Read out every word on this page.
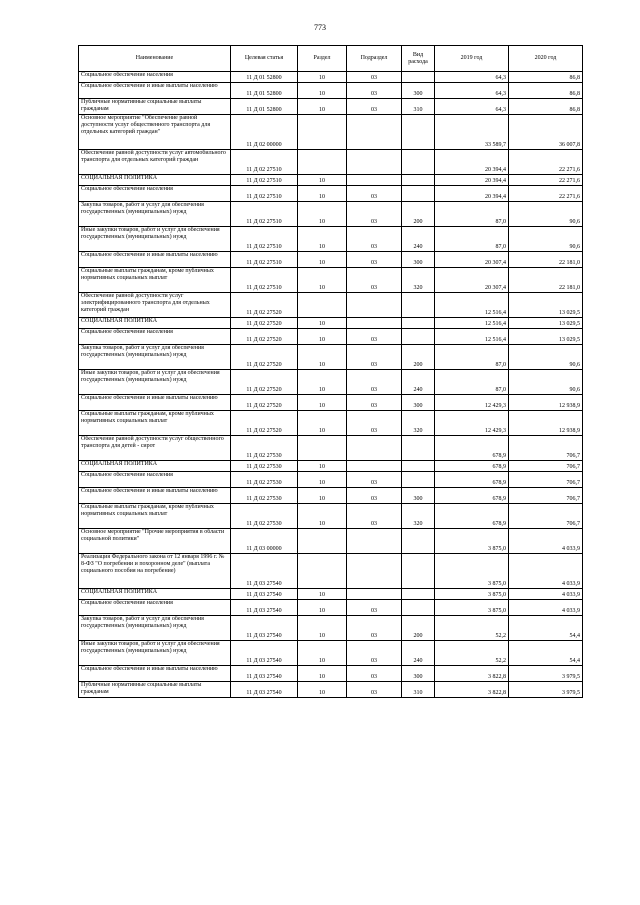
773
Наименование	Целевая статья	Раздел	Подраздел	Вид расхода	2019 год	2020 год
Социальное обеспечение населения	11 Д 01 52800	10	03		64,3	86,8
Социальное обеспечение и иные выплаты населению	11 Д 01 52800	10	03	300	64,3	86,8
Публичные нормативные социальные выплаты гражданам	11 Д 01 52800	10	03	310	64,3	86,8
Основное мероприятие "Обеспечение равной доступности услуг общественного транспорта для отдельных категорий граждан"	11 Д 02 00000				33 589,7	36 007,8
Обеспечение равной доступности услуг автомобильного транспорта для отдельных категорий граждан	11 Д 02 27510				20 394,4	22 271,6
СОЦИАЛЬНАЯ ПОЛИТИКА	11 Д 02 27510	10			20 394,4	22 271,6
Социальное обеспечение населения	11 Д 02 27510	10	03		20 394,4	22 271,6
Закупка товаров, работ и услуг для обеспечения государственных (муниципальных) нужд	11 Д 02 27510	10	03	200	87,0	90,6
Иные закупки товаров, работ и услуг для обеспечения государственных (муниципальных) нужд	11 Д 02 27510	10	03	240	87,0	90,6
Социальное обеспечение и иные выплаты населению	11 Д 02 27510	10	03	300	20 307,4	22 181,0
Социальные выплаты гражданам, кроме публичных нормативных социальных выплат	11 Д 02 27510	10	03	320	20 307,4	22 181,0
Обеспечение равной доступности услуг электрифицированного транспорта для отдельных категорий граждан	11 Д 02 27520				12 516,4	13 029,5
СОЦИАЛЬНАЯ ПОЛИТИКА	11 Д 02 27520	10			12 516,4	13 029,5
Социальное обеспечение населения	11 Д 02 27520	10	03		12 516,4	13 029,5
Закупка товаров, работ и услуг для обеспечения государственных (муниципальных) нужд	11 Д 02 27520	10	03	200	87,0	90,6
Иные закупки товаров, работ и услуг для обеспечения государственных (муниципальных) нужд	11 Д 02 27520	10	03	240	87,0	90,6
Социальное обеспечение и иные выплаты населению	11 Д 02 27520	10	03	300	12 429,3	12 938,9
Социальные выплаты гражданам, кроме публичных нормативных социальных выплат	11 Д 02 27520	10	03	320	12 429,3	12 938,9
Обеспечение равной доступности услуг общественного транспорта для детей - сирот	11 Д 02 27530				678,9	706,7
СОЦИАЛЬНАЯ ПОЛИТИКА	11 Д 02 27530	10			678,9	706,7
Социальное обеспечение населения	11 Д 02 27530	10	03		678,9	706,7
Социальное обеспечение и иные выплаты населению	11 Д 02 27530	10	03	300	678,9	706,7
Социальные выплаты гражданам, кроме публичных нормативных социальных выплат	11 Д 02 27530	10	03	320	678,9	706,7
Основное мероприятие "Прочие мероприятия в области социальной политики"	11 Д 03 00000				3 875,0	4 033,9
Реализация Федерального закона от 12 января 1996 г. № 8-ФЗ "О погребении и похоронном деле" (выплата социального пособия на погребение)	11 Д 03 27540				3 875,0	4 033,9
СОЦИАЛЬНАЯ ПОЛИТИКА	11 Д 03 27540	10			3 875,0	4 033,9
Социальное обеспечение населения	11 Д 03 27540	10	03		3 875,0	4 033,9
Закупка товаров, работ и услуг для обеспечения государственных (муниципальных) нужд	11 Д 03 27540	10	03	200	52,2	54,4
Иные закупки товаров, работ и услуг для обеспечения государственных (муниципальных) нужд	11 Д 03 27540	10	03	240	52,2	54,4
Социальное обеспечение и иные выплаты населению	11 Д 03 27540	10	03	300	3 822,8	3 979,5
Публичные нормативные социальные выплаты гражданам	11 Д 03 27540	10	03	310	3 822,8	3 979,5
